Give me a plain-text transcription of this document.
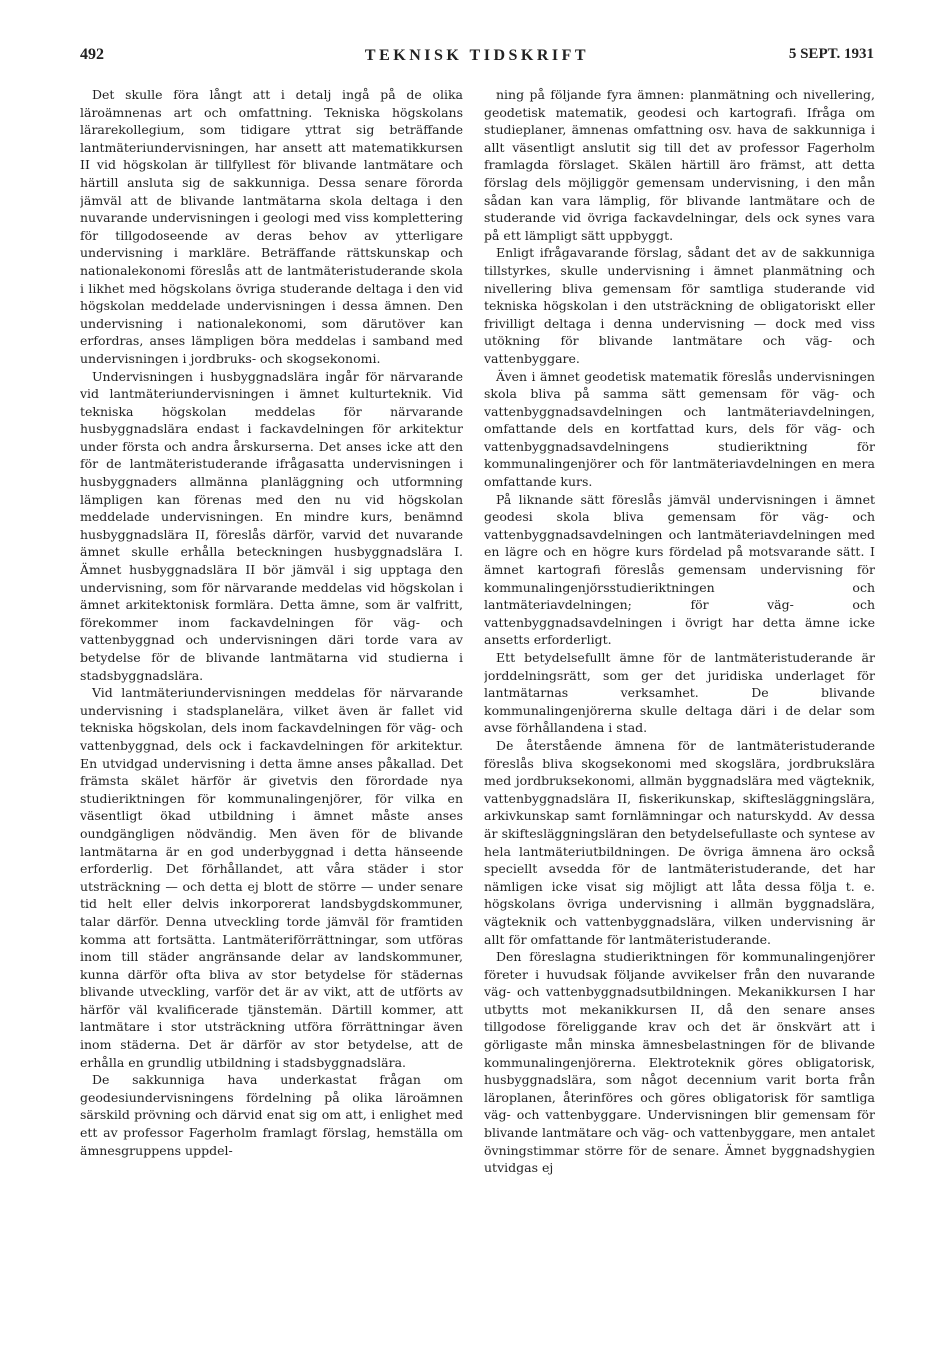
492	TEKNISK TIDSKRIFT	5 SEPT. 1931

Det skulle föra långt att i detalj ingå på de olika läroämnenas art och omfattning. Tekniska högskolans lärarekollegium, som tidigare yttrat sig beträffande lantmäteriundervisningen, har ansett att matematikkursen II vid högskolan är tillfyllest för blivande lantmätare och härtill ansluta sig de sakkunniga. Dessa senare förorda jämväl att de blivande lantmätarna skola deltaga i den nuvarande undervisningen i geologi med viss komplettering för tillgodoseende av deras behov av ytterligare undervisning i markläre. Beträffande rättskunskap och nationalekonomi föreslås att de lantmäteristuderande skola i likhet med högskolans övriga studerande deltaga i den vid högskolan meddelade undervisningen i dessa ämnen. Den undervisning i nationalekonomi, som därutöver kan erfordras, anses lämpligen böra meddelas i samband med undervisningen i jordbruks- och skogsekonomi.

Undervisningen i husbyggnadslära ingår för närvarande vid lantmäteriundervisningen i ämnet kulturteknik. Vid tekniska högskolan meddelas för närvarande husbyggnadslära endast i fackavdelningen för arkitektur under första och andra årskurserna. Det anses icke att den för de lantmäteristuderande ifrågasatta undervisningen i husbyggnaders allmänna planläggning och utformning lämpligen kan förenas med den nu vid högskolan meddelade undervisningen. En mindre kurs, benämnd husbyggnadslära II, föreslås därför, varvid det nuvarande ämnet skulle erhålla beteckningen husbyggnadslära I. Ämnet husbyggnadslära II bör jämväl i sig upptaga den undervisning, som för närvarande meddelas vid högskolan i ämnet arkitektonisk formlära. Detta ämne, som är valfritt, förekommer inom fackavdelningen för väg- och vattenbyggnad och undervisningen däri torde vara av betydelse för de blivande lantmätarna vid studierna i stadsbyggnadslära.

Vid lantmäteriundervisningen meddelas för närvarande undervisning i stadsplanelära, vilket även är fallet vid tekniska högskolan, dels inom fackavdelningen för väg- och vattenbyggnad, dels ock i fackavdelningen för arkitektur. En utvidgad undervisning i detta ämne anses påkallad. Det främsta skälet härför är givetvis den förordade nya studieriktningen för kommunalingenjörer, för vilka en väsentligt ökad utbildning i ämnet måste anses oundgängligen nödvändig. Men även för de blivande lantmätarna är en god underbyggnad i detta hänseende erforderlig. Det förhållandet, att våra städer i stor utsträckning — och detta ej blott de större — under senare tid helt eller delvis inkorporerat landsbygdskommuner, talar därför. Denna utveckling torde jämväl för framtiden komma att fortsätta. Lantmäteriförrättningar, som utföras inom till städer angränsande delar av landskommuner, kunna därför ofta bliva av stor betydelse för städernas blivande utveckling, varför det är av vikt, att de utförts av härför väl kvalificerade tjänstemän. Därtill kommer, att lantmätare i stor utsträckning utföra förrättningar även inom städerna. Det är därför av stor betydelse, att de erhålla en grundlig utbildning i stadsbyggnadslära.

De sakkunniga hava underkastat frågan om geodesiundervisningens fördelning på olika läroämnen särskild prövning och därvid enat sig om att, i enlighet med ett av professor Fagerholm framlagt förslag, hemställa om ämnesgruppens uppdel-

ning på följande fyra ämnen: planmätning och nivellering, geodetisk matematik, geodesi och kartografi. Ifråga om studieplaner, ämnenas omfattning osv. hava de sakkunniga i allt väsentligt anslutit sig till det av professor Fagerholm framlagda förslaget. Skälen härtill äro främst, att detta förslag dels möjliggör gemensam undervisning, i den mån sådan kan vara lämplig, för blivande lantmätare och de studerande vid övriga fackavdelningar, dels ock synes vara på ett lämpligt sätt uppbyggt.

Enligt ifrågavarande förslag, sådant det av de sakkunniga tillstyrkes, skulle undervisning i ämnet planmätning och nivellering bliva gemensam för samtliga studerande vid tekniska högskolan i den utsträckning de obligatoriskt eller frivilligt deltaga i denna undervisning — dock med viss utökning för blivande lantmätare och väg- och vattenbyggare.

Även i ämnet geodetisk matematik föreslås undervisningen skola bliva på samma sätt gemensam för väg- och vattenbyggnadsavdelningen och lantmäteriavdelningen, omfattande dels en kortfattad kurs, dels för väg- och vattenbyggnadsavdelningens studieriktning för kommunalingenjörer och för lantmäteriavdelningen en mera omfattande kurs.

På liknande sätt föreslås jämväl undervisningen i ämnet geodesi skola bliva gemensam för väg- och vattenbyggnadsavdelningen och lantmäteriavdelningen med en lägre och en högre kurs fördelad på motsvarande sätt. I ämnet kartografi föreslås gemensam undervisning för kommunalingenjörsstudieriktningen och lantmäteriavdelningen; för väg- och vattenbyggnadsavdelningen i övrigt har detta ämne icke ansetts erforderligt.

Ett betydelsefullt ämne för de lantmäteristuderande är jorddelningsrätt, som ger det juridiska underlaget för lantmätarnas verksamhet. De blivande kommunalingenjörerna skulle deltaga däri i de delar som avse förhållandena i stad.

De återstående ämnena för de lantmäteristuderande föreslås bliva skogsekonomi med skogslära, jordbrukslära med jordbruksekonomi, allmän byggnadslära med vägteknik, vattenbyggnadslära II, fiskerikunskap, skiftesläggningslära, arkivkunskap samt fornlämningar och naturskydd. Av dessa är skiftesläggningsläran den betydelsefullaste och syntese av hela lantmäteriutbildningen. De övriga ämnena äro också speciellt avsedda för de lantmäteristuderande, det har nämligen icke visat sig möjligt att låta dessa följa t. e. högskolans övriga undervisning i allmän byggnadslära, vägteknik och vattenbyggnadslära, vilken undervisning är allt för omfattande för lantmäteristuderande.

Den föreslagna studieriktningen för kommunalingenjörer företer i huvudsak följande avvikelser från den nuvarande väg- och vattenbyggnadsutbildningen. Mekanikkursen I har utbytts mot mekanikkursen II, då den senare anses tillgodose föreliggande krav och det är önskvärt att i görligaste mån minska ämnesbelastningen för de blivande kommunalingenjörerna. Elektroteknik göres obligatorisk, husbyggnadslära, som något decennium varit borta från läroplanen, återinföres och göres obligatorisk för samtliga väg- och vattenbyggare. Undervisningen blir gemensam för blivande lantmätare och väg- och vattenbyggare, men antalet övningstimmar större för de senare. Ämnet byggnadshygien utvidgas ej
